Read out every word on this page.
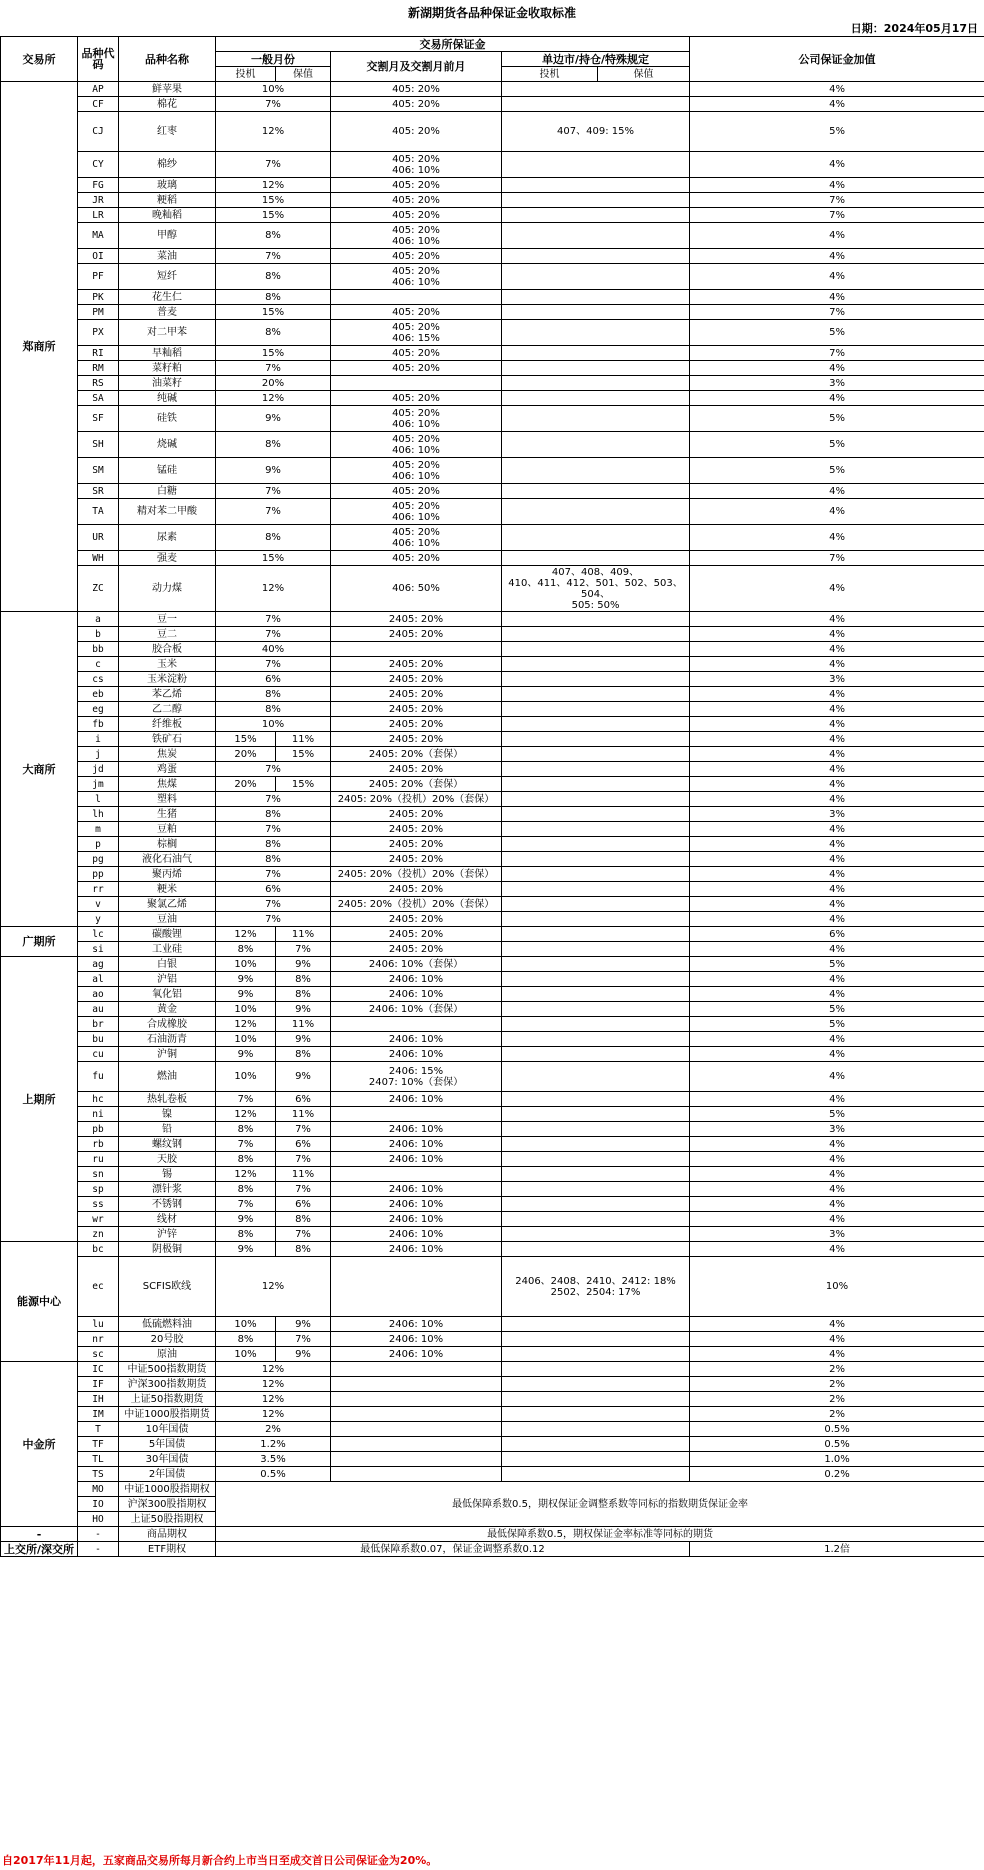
新湖期货各品种保证金收取标准
日期：2024年05月17日
交易所	品种代码	品种名称	交易所保证金					公司保证金加值
			一般月份		交割月及交割月前月	单边市/持仓/特殊规定		
			投机	保值		投机	保值	
郑商所	AP	鲜苹果	10%		405: 20%			4%
	CF	棉花	7%		405: 20%			4%
	CJ	红枣	12%		405: 20%	407、409: 15%		5%
	CY	棉纱	7%		405: 20%
406: 10%			4%
	FG	玻璃	12%		405: 20%			4%
	JR	粳稻	15%		405: 20%			7%
	LR	晚籼稻	15%		405: 20%			7%
	MA	甲醇	8%		405: 20%
406: 10%			4%
	OI	菜油	7%		405: 20%			4%
	PF	短纤	8%		405: 20%
406: 10%			4%
	PK	花生仁	8%					4%
	PM	普麦	15%		405: 20%			7%
	PX	对二甲苯	8%		405: 20%
406: 15%			5%
	RI	早籼稻	15%		405: 20%			7%
	RM	菜籽粕	7%		405: 20%			4%
	RS	油菜籽	20%					3%
	SA	纯碱	12%		405: 20%			4%
	SF	硅铁	9%		405: 20%
406: 10%			5%
	SH	烧碱	8%		405: 20%
406: 10%			5%
	SM	锰硅	9%		405: 20%
406: 10%			5%
	SR	白糖	7%		405: 20%			4%
	TA	精对苯二甲酸	7%		405: 20%
406: 10%			4%
	UR	尿素	8%		405: 20%
406: 10%			4%
	WH	强麦	15%		405: 20%			7%
	ZC	动力煤	12%		406: 50%	407、408、409、
410、411、412、501、502、503、504、
505: 50%		4%
大商所	a	豆一	7%		2405: 20%			4%
	b	豆二	7%		2405: 20%			4%
	bb	胶合板	40%					4%
	c	玉米	7%		2405: 20%			4%
	cs	玉米淀粉	6%		2405: 20%			3%
	eb	苯乙烯	8%		2405: 20%			4%
	eg	乙二醇	8%		2405: 20%			4%
	fb	纤维板	10%		2405: 20%			4%
	i	铁矿石	15%	11%	2405: 20%			4%
	j	焦炭	20%	15%	2405: 20%（套保）			4%
	jd	鸡蛋	7%		2405: 20%			4%
	jm	焦煤	20%	15%	2405: 20%（套保）			4%
	l	塑料	7%		2405: 20%（投机）20%（套保）			4%
	lh	生猪	8%		2405: 20%			3%
	m	豆粕	7%		2405: 20%			4%
	p	棕榈	8%		2405: 20%			4%
	pg	液化石油气	8%		2405: 20%			4%
	pp	聚丙烯	7%		2405: 20%（投机）20%（套保）			4%
	rr	粳米	6%		2405: 20%			4%
	v	聚氯乙烯	7%		2405: 20%（投机）20%（套保）			4%
	y	豆油	7%		2405: 20%			4%
广期所	lc	碳酸锂	12%	11%	2405: 20%			6%
	si	工业硅	8%	7%	2405: 20%			4%
上期所	ag	白银	10%	9%	2406: 10%（套保）			5%
	al	沪铝	9%	8%	2406: 10%			4%
	ao	氧化铝	9%	8%	2406: 10%			4%
	au	黄金	10%	9%	2406: 10%（套保）			5%
	br	合成橡胶	12%	11%				5%
	bu	石油沥青	10%	9%	2406: 10%			4%
	cu	沪铜	9%	8%	2406: 10%			4%
	fu	燃油	10%	9%	2406: 15%
2407: 10%（套保）			4%
	hc	热轧卷板	7%	6%	2406: 10%			4%
	ni	镍	12%	11%				5%
	pb	铅	8%	7%	2406: 10%			3%
	rb	螺纹钢	7%	6%	2406: 10%			4%
	ru	天胶	8%	7%	2406: 10%			4%
	sn	锡	12%	11%				4%
	sp	漂针浆	8%	7%	2406: 10%			4%
	ss	不锈钢	7%	6%	2406: 10%			4%
	wr	线材	9%	8%	2406: 10%			4%
	zn	沪锌	8%	7%	2406: 10%			3%
能源中心	bc	阴极铜	9%	8%	2406: 10%			4%
	ec	SCFIS欧线	12%			2406、2408、2410、2412: 18%
2502、2504: 17%		10%
	lu	低硫燃料油	10%	9%	2406: 10%			4%
	nr	20号胶	8%	7%	2406: 10%			4%
	sc	原油	10%	9%	2406: 10%			4%
中金所	IC	中证500指数期货	12%					2%
	IF	沪深300指数期货	12%					2%
	IH	上证50指数期货	12%					2%
	IM	中证1000股指期货	12%					2%
	T	10年国债	2%					0.5%
	TF	5年国债	1.2%					0.5%
	TL	30年国债	3.5%					1.0%
	TS	2年国债	0.5%					0.2%
	MO	中证1000股指期权	最低保障系数0.5，期权保证金调整系数等同标的指数期货保证金率					
	IO	沪深300股指期权						
	HO	上证50股指期权						
-	-	商品期权	最低保障系数0.5，期权保证金率标准等同标的期货					
上交所/深交所	-	ETF期权	最低保障系数0.07，保证金调整系数0.12					1.2倍
自2017年11月起，五家商品交易所每月新合约上市当日至成交首日公司保证金为20%。
